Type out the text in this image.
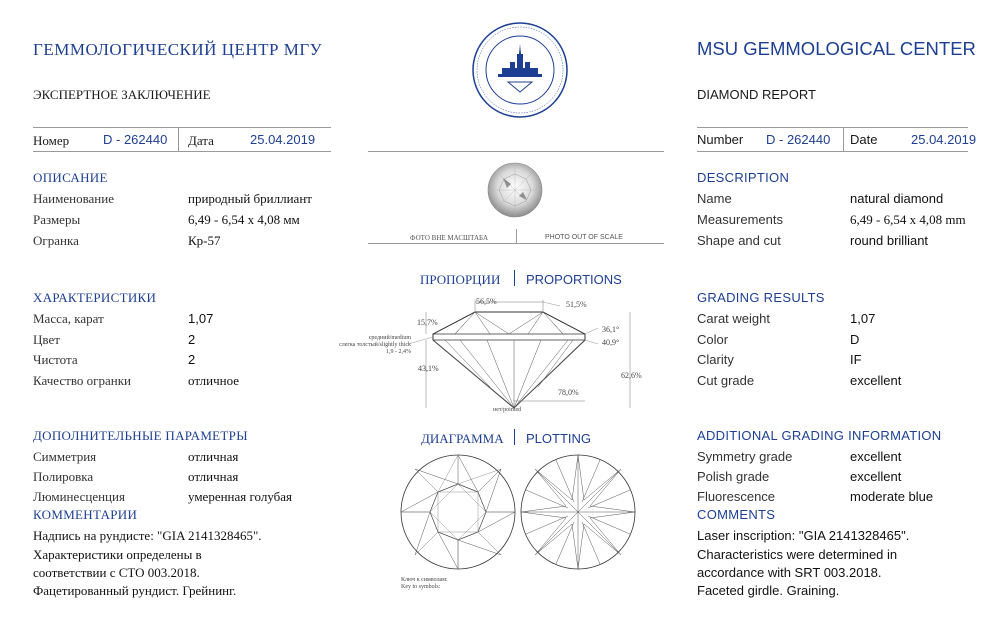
ГЕММОЛОГИЧЕСКИЙ ЦЕНТР МГУ	MSU GEMMOLOGICAL CENTER
ЭКСПЕРТНОЕ ЗАКЛЮЧЕНИЕ	DIAMOND REPORT
Номер	D - 262440 Дата	25.04.2019	Number D - 262440 Date	25.04.2019
ОПИСАНИЕ
Наименование	природный бриллиант
Размеры	6,49 - 6,54 х 4,08 мм
Огранка	Кр-57
DESCRIPTION
Name	natural diamond
Measurements	6,49 - 6,54 x 4,08 mm
Shape and cut	round brilliant
ФОТО ВНЕ МАСШТАБА	PHOTO OUT OF SCALE
ПРОПОРЦИИ PROPORTIONS
56,5%	51,5%
15,7%
36,1°
40,9°
43,1%
62,6%
78,0%
средний/medium
слегка толстый/slightly thick
1,9 - 2,4%
нет/pointed
ХАРАКТЕРИСТИКИ
Масса, карат	1,07
Цвет	2
Чистота	2
Качество огранки	отличное
GRADING RESULTS
Carat weight	1,07
Color	D
Clarity	IF
Cut grade	excellent
ДОПОЛНИТЕЛЬНЫЕ ПАРАМЕТРЫ
Симметрия	отличная
Полировка	отличная
Люминесценция	умеренная голубая
КОММЕНТАРИИ
Надпись на рундисте: "GIA 2141328465".
Характеристики определены в
соответствии с СТО 003.2018.
Фацетированный рундист. Грейнинг.
ADDITIONAL GRADING INFORMATION
Symmetry grade	excellent
Polish grade	excellent
Fluorescence	moderate blue
COMMENTS
Laser inscription: "GIA 2141328465".
Characteristics were determined in
accordance with SRT 003.2018.
Faceted girdle. Graining.
ДИАГРАММА PLOTTING
Ключ к символам:
Key to symbols:
